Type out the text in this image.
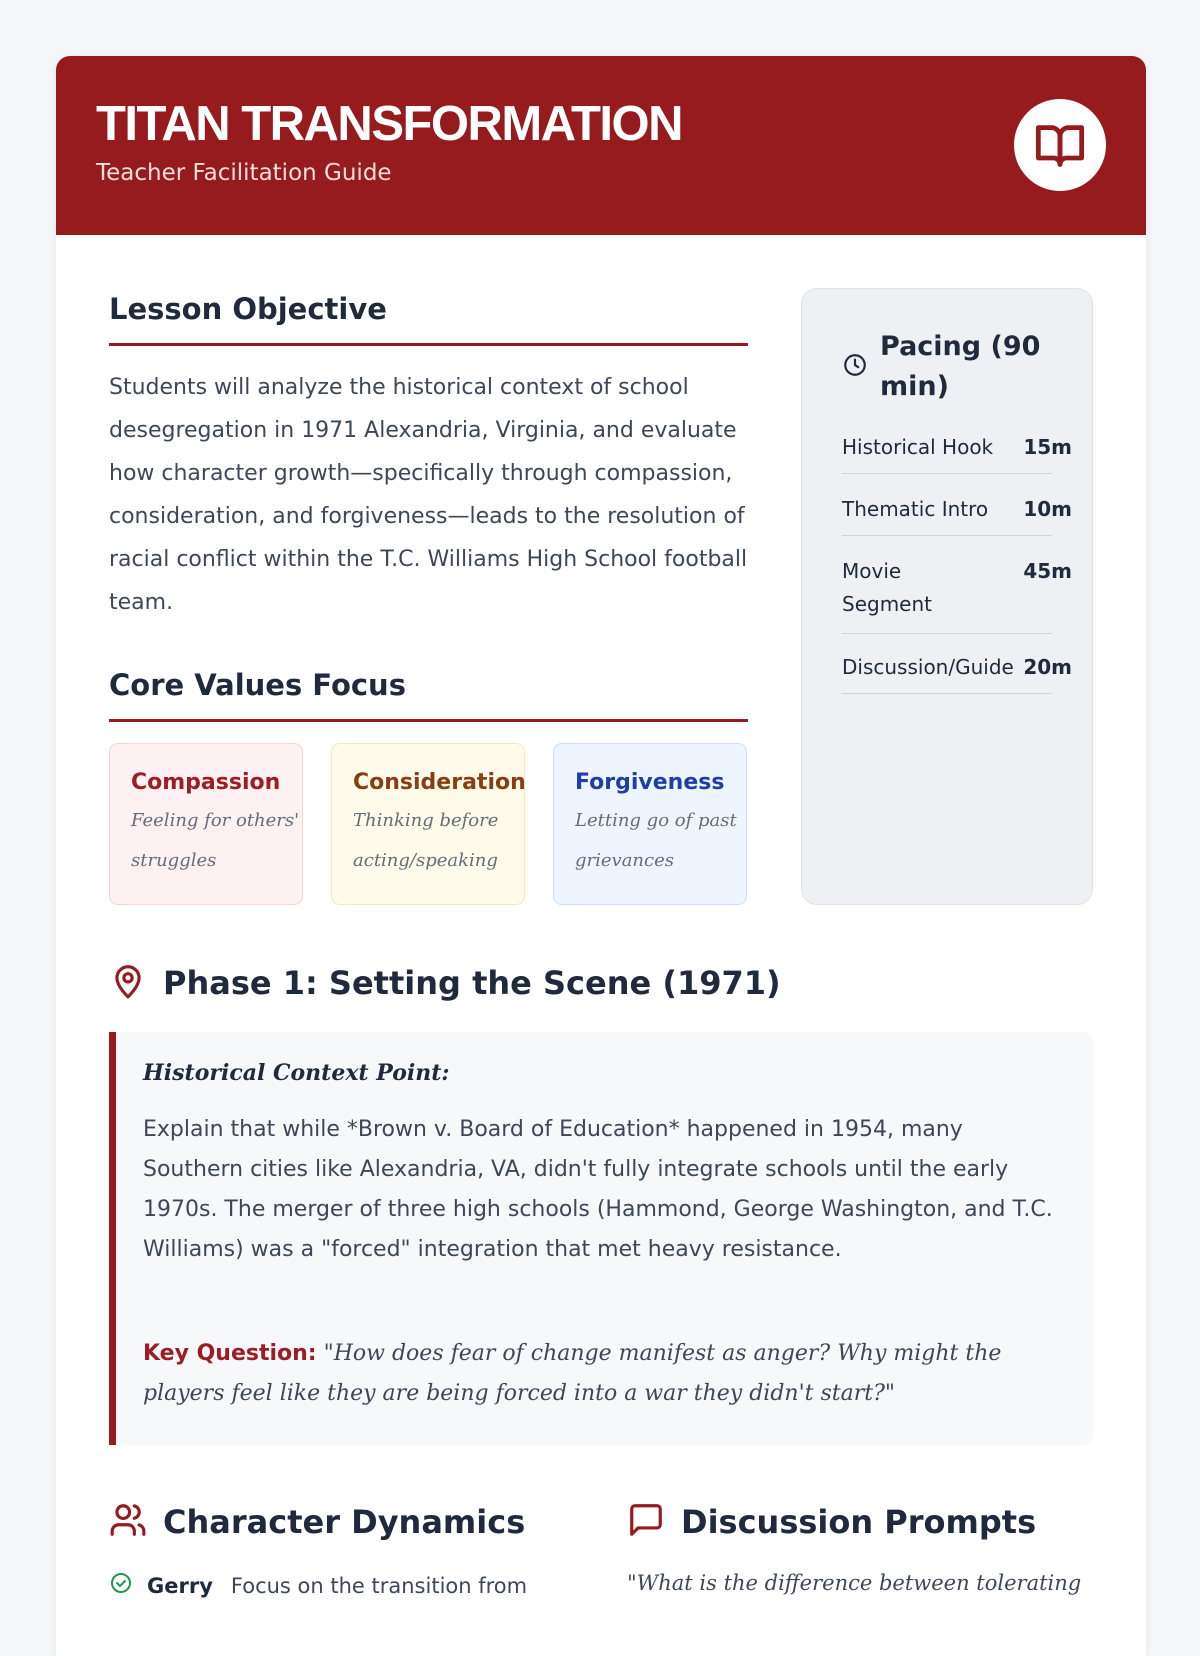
TITAN TRANSFORMATION
Teacher Facilitation Guide
Lesson Objective
Students will analyze the historical context of school desegregation in 1971 Alexandria, Virginia, and evaluate how character growth—specifically through compassion, consideration, and forgiveness—leads to the resolution of racial conflict within the T.C. Williams High School football team.
Core Values Focus
Compassion
Feeling for others' struggles
Consideration
Thinking before acting/speaking
Forgiveness
Letting go of past grievances
Pacing (90 min)
Historical Hook 15m
Thematic Intro 10m
Movie Segment
45m
Discussion/Guide 20m
Phase 1: Setting the Scene (1971)
Historical Context Point:
Explain that while *Brown v. Board of Education* happened in 1954, many Southern cities like Alexandria, VA, didn't fully integrate schools until the early 1970s. The merger of three high schools (Hammond, George Washington, and T.C. Williams) was a "forced" integration that met heavy resistance.
Key Question: "How does fear of change manifest as anger? Why might the players feel like they are being forced into a war they didn't start?"
Character Dynamics	Discussion Prompts
Gerry Focus on the transition from	"What is the difference between tolerating
